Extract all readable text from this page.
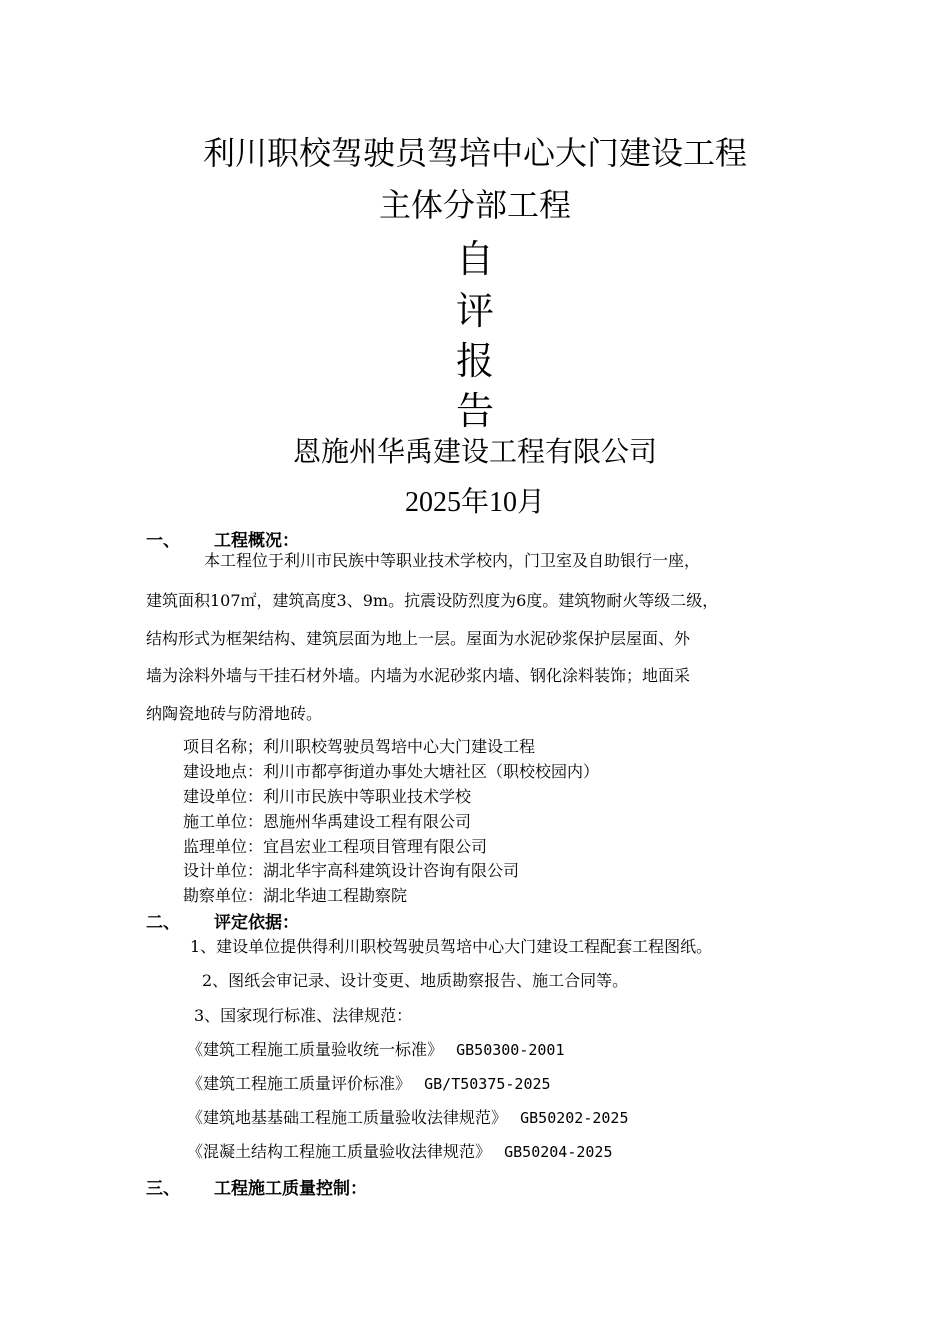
利川职校驾驶员驾培中心大门建设工程
主体分部工程
自
评
报
告
恩施州华禹建设工程有限公司
2025年10月
一、 工程概况：
本工程位于利川市民族中等职业技术学校内，门卫室及自助银行一座，
建筑面积107㎡，建筑高度3、9m。抗震设防烈度为6度。建筑物耐火等级二级，
结构形式为框架结构、建筑层面为地上一层。屋面为水泥砂浆保护层屋面、外
墙为涂料外墙与干挂石材外墙。内墙为水泥砂浆内墙、钢化涂料装饰；地面采
纳陶瓷地砖与防滑地砖。
项目名称；利川职校驾驶员驾培中心大门建设工程
建设地点：利川市都亭街道办事处大塘社区（职校校园内）
建设单位：利川市民族中等职业技术学校
施工单位：恩施州华禹建设工程有限公司
监理单位：宜昌宏业工程项目管理有限公司
设计单位：湖北华宇高科建筑设计咨询有限公司
勘察单位：湖北华迪工程勘察院
二、 评定依据：
1、建设单位提供得利川职校驾驶员驾培中心大门建设工程配套工程图纸。
2、图纸会审记录、设计变更、地质勘察报告、施工合同等。
3、国家现行标准、法律规范：
《建筑工程施工质量验收统一标准》 GB50300-2001
《建筑工程施工质量评价标准》 GB/T50375-2025
《建筑地基基础工程施工质量验收法律规范》 GB50202-2025
《混凝土结构工程施工质量验收法律规范》 GB50204-2025
三、 工程施工质量控制：
